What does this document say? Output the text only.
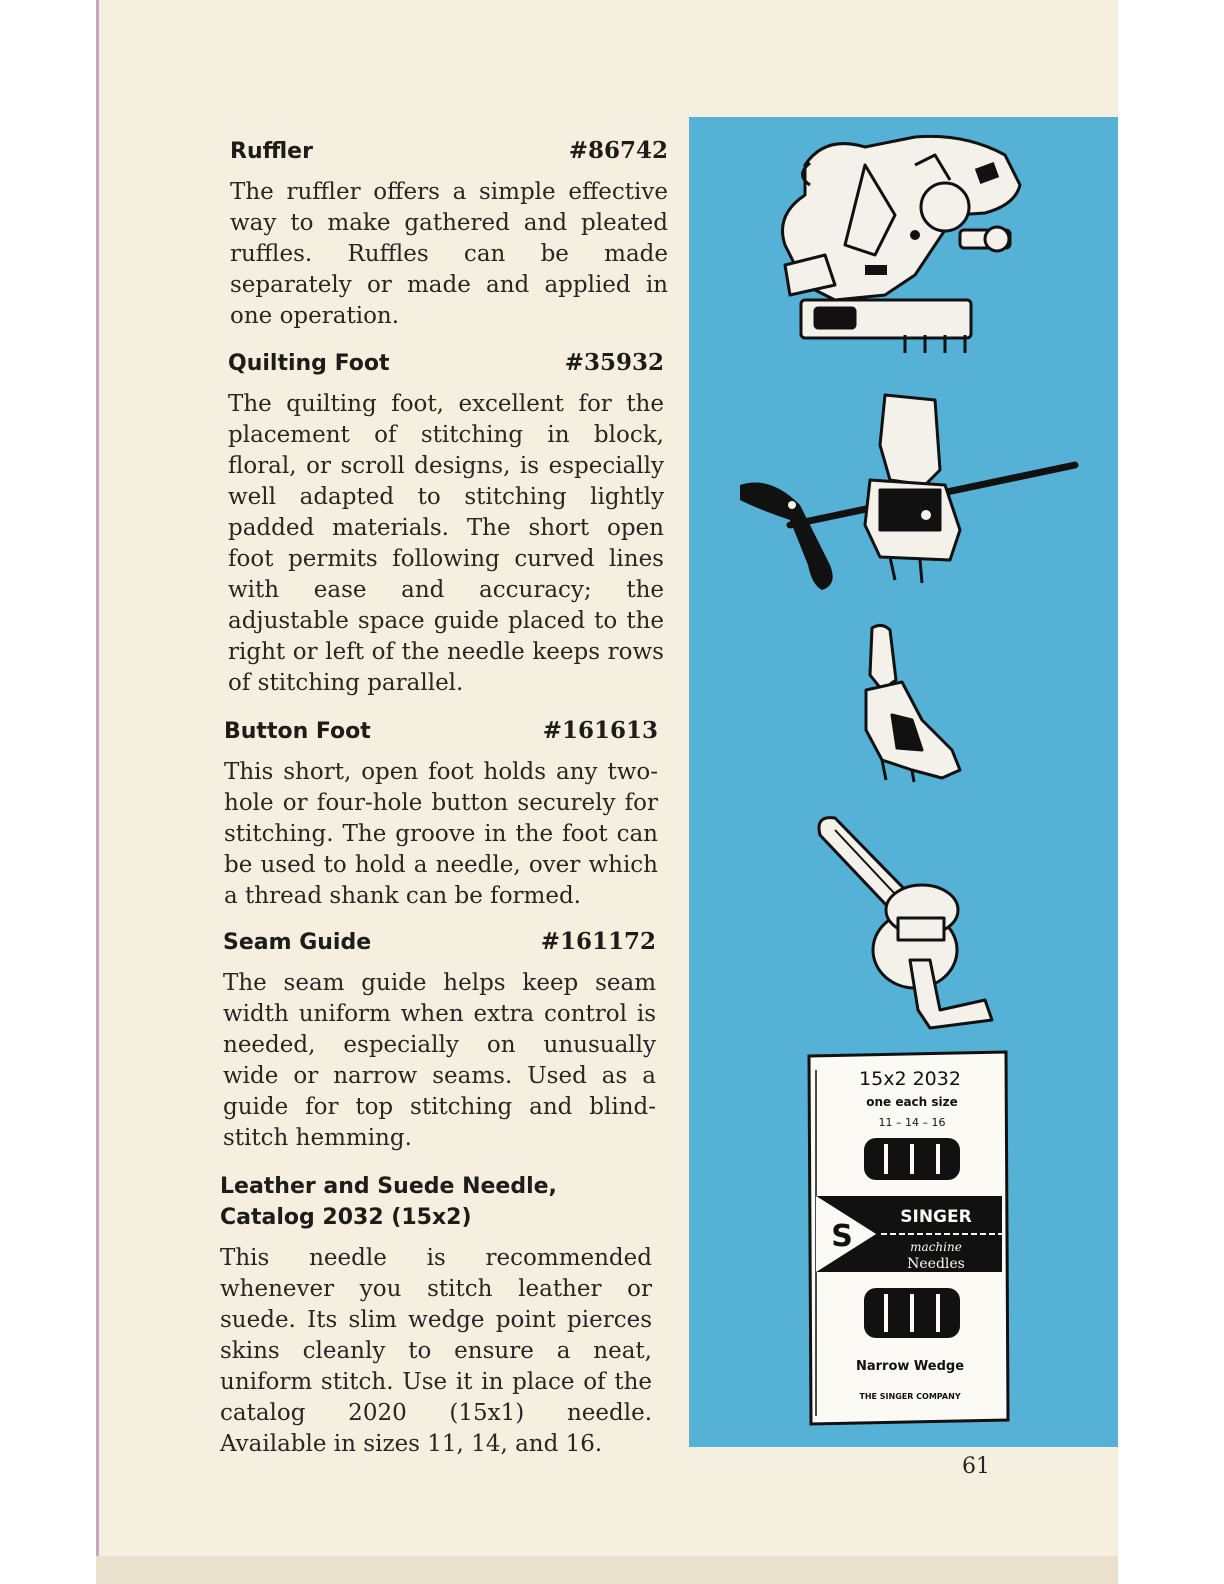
Ruffler	#86742
The ruffler offers a simple effective way to make gathered and pleated ruffles. Ruffles can be made separately or made and applied in one operation.
Quilting Foot	#35932
The quilting foot, excellent for the placement of stitching in block, floral, or scroll designs, is especially well adapted to stitching lightly padded materials. The short open foot permits following curved lines with ease and accuracy; the adjustable space guide placed to the right or left of the needle keeps rows of stitching parallel.
Button Foot	#161613
This short, open foot holds any two-hole or four-hole button securely for stitching. The groove in the foot can be used to hold a needle, over which a thread shank can be formed.
Seam Guide	#161172
The seam guide helps keep seam width uniform when extra control is needed, especially on unusually wide or narrow seams. Used as a guide for top stitching and blind-stitch hemming.
Leather and Suede Needle, Catalog 2032 (15x2)
This needle is recommended whenever you stitch leather or suede. Its slim wedge point pierces skins cleanly to ensure a neat, uniform stitch. Use it in place of the catalog 2020 (15x1) needle. Available in sizes 11, 14, and 16.
15x2 2032
one each size
11 – 14 – 16
S
SINGER
machine
Needles
Narrow Wedge
THE SINGER COMPANY
61
